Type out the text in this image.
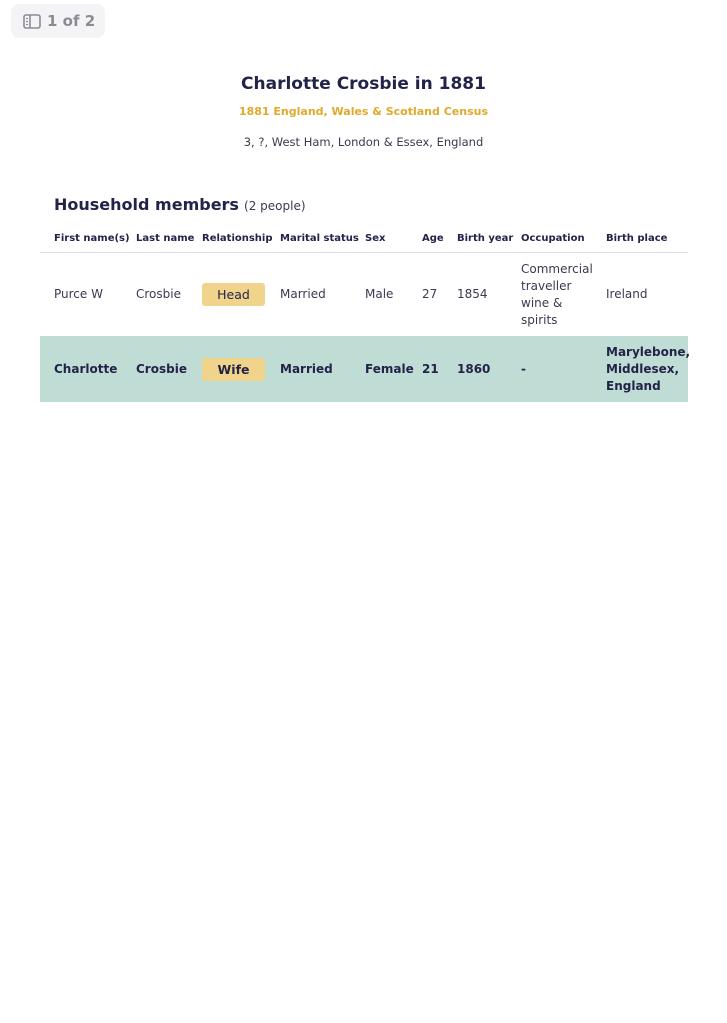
1 of 2
Charlotte Crosbie in 1881
1881 England, Wales & Scotland Census
3, ?, West Ham, London & Essex, England
Household members (2 people)
First name(s)	Last name	Relationship	Marital status	Sex	Age	Birth year	Occupation	Birth place
Purce W	Crosbie	Head	Married	Male	27	1854	Commercial traveller wine & spirits	Ireland
Charlotte	Crosbie	Wife	Married	Female	21	1860	-	Marylebone, Middlesex, England
